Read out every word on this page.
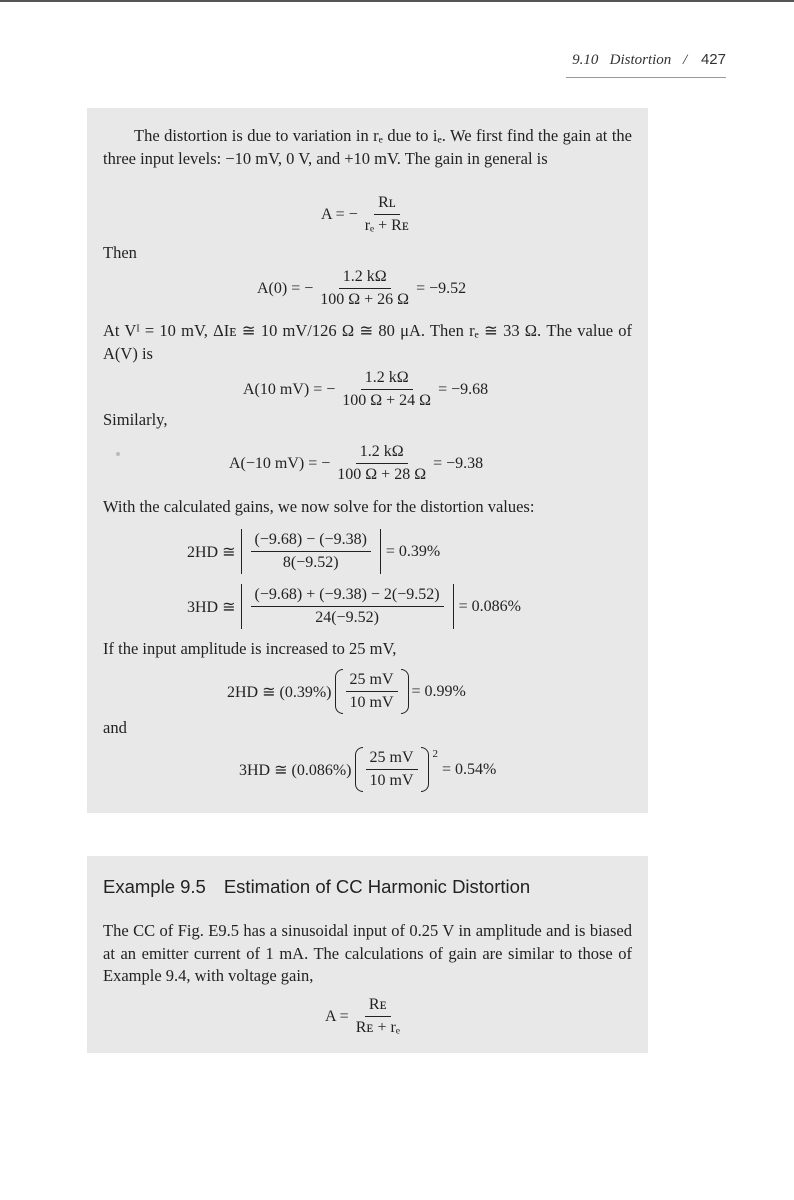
9.10 Distortion / 427
The distortion is due to variation in rₑ due to iₑ. We first find the gain at the three input levels: −10 mV, 0 V, and +10 mV. The gain in general is
A = − $\frac{\text{Rʟ}}{\text{rₑ + Rᴇ}}$
Then
A(0) = − $\frac{1.2 k\Omega}{100 \Omega + 26 \Omega} = -9.52$
At Vᴵ = 10 mV, ΔIᴇ ≅ 10 mV/126 Ω ≅ 80 μA. Then rₑ ≅ 33 Ω. The value of A(V) is
A(10 mV) = − $\frac{1.2 k\Omega}{100 \Omega + 24 \Omega} = -9.68$
Similarly,
A(−10 mV) = − $\frac{1.2 k\Omega}{100 \Omega + 28 \Omega} = -9.38$
With the calculated gains, we now solve for the distortion values:
2HD ≅ $\frac{(-9.68) - (-9.38)}{8(-9.52)} = 0.39\%$
3HD ≅ $\frac{(-9.68) + (-9.38) - 2(-9.52)}{24(-9.52)} = 0.086\%$
If the input amplitude is increased to 25 mV,
2HD ≅ $(0.39\%) \frac{25 mV}{10 mV} = 0.99\%$
and
3HD ≅ $(0.086\%) \frac{25 mV}{10 mV} 2$
= 0.54%
Example 9.5 Estimation of CC Harmonic Distortion
The CC of Fig. E9.5 has a sinusoidal input of 0.25 V in amplitude and is biased at an emitter current of 1 mA. The calculations of gain are similar to those of Example 9.4, with voltage gain,
$A = \frac{\text{Rᴇ}}{\text{Rᴇ + rₑ}}$
